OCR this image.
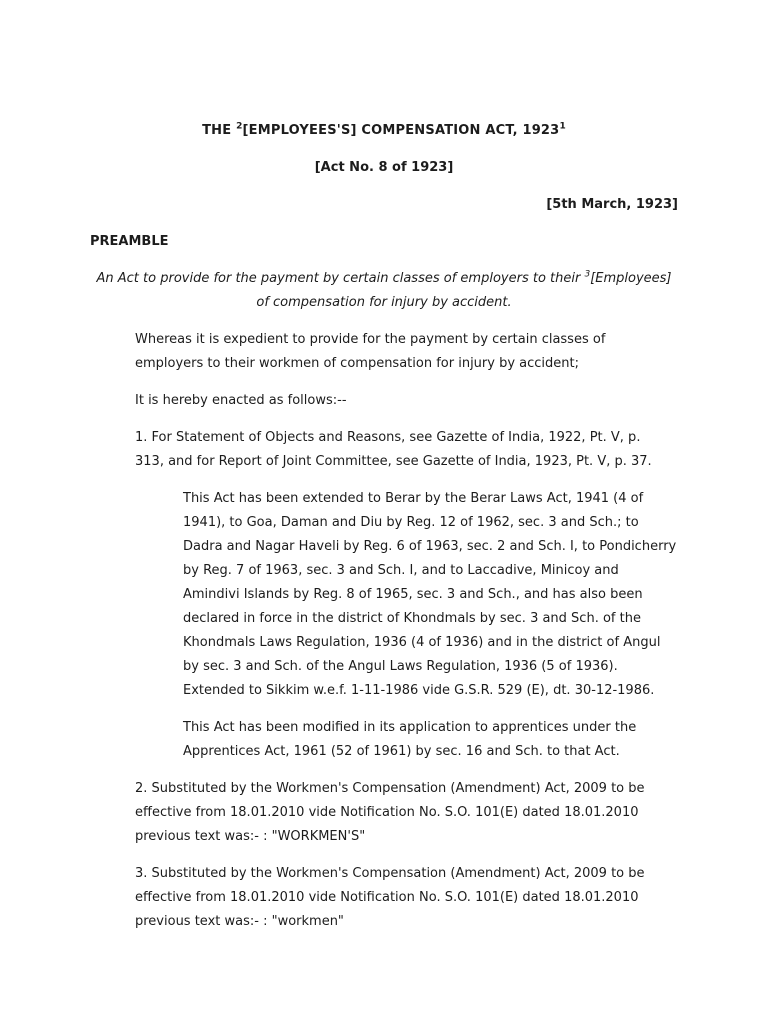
THE $^2$[EMPLOYEES'S] COMPENSATION ACT, 1923$^1$
[Act No. 8 of 1923]
[5th March, 1923]
PREAMBLE
An Act to provide for the payment by certain classes of employers to their $^3$[Employees] of compensation for injury by accident.

Whereas it is expedient to provide for the payment by certain classes of employers to their workmen of compensation for injury by accident;

It is hereby enacted as follows:--

1. For Statement of Objects and Reasons, see Gazette of India, 1922, Pt. V, p. 313, and for Report of Joint Committee, see Gazette of India, 1923, Pt. V, p. 37.

This Act has been extended to Berar by the Berar Laws Act, 1941 (4 of 1941), to Goa, Daman and Diu by Reg. 12 of 1962, sec. 3 and Sch.; to Dadra and Nagar Haveli by Reg. 6 of 1963, sec. 2 and Sch. I, to Pondicherry by Reg. 7 of 1963, sec. 3 and Sch. I, and to Laccadive, Minicoy and Amindivi Islands by Reg. 8 of 1965, sec. 3 and Sch., and has also been declared in force in the district of Khondmals by sec. 3 and Sch. of the Khondmals Laws Regulation, 1936 (4 of 1936) and in the district of Angul by sec. 3 and Sch. of the Angul Laws Regulation, 1936 (5 of 1936). Extended to Sikkim w.e.f. 1-11-1986 vide G.S.R. 529 (E), dt. 30-12-1986.

This Act has been modified in its application to apprentices under the Apprentices Act, 1961 (52 of 1961) by sec. 16 and Sch. to that Act.

2. Substituted by the Workmen's Compensation (Amendment) Act, 2009 to be effective from 18.01.2010 vide Notification No. S.O. 101(E) dated 18.01.2010 previous text was:- : "WORKMEN'S"

3. Substituted by the Workmen's Compensation (Amendment) Act, 2009 to be effective from 18.01.2010 vide Notification No. S.O. 101(E) dated 18.01.2010 previous text was:- : "workmen"
